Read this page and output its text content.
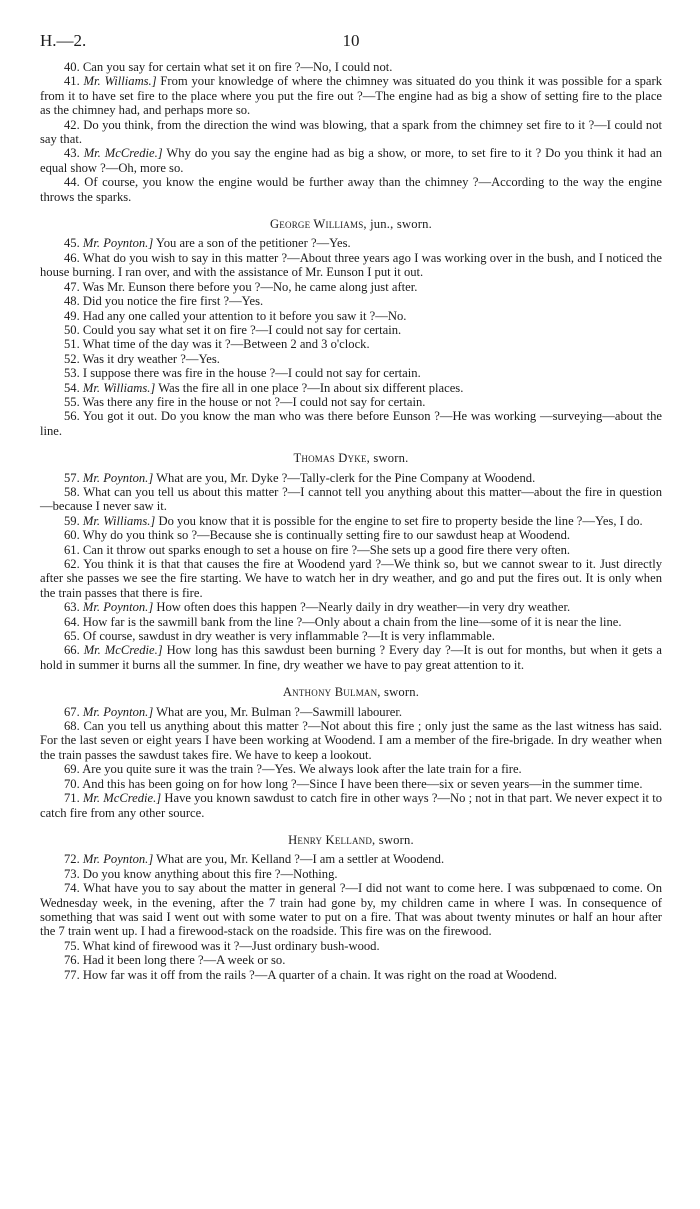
H.—2.	10

40. Can you say for certain what set it on fire ?—No, I could not.

41. Mr. Williams.] From your knowledge of where the chimney was situated do you think it was possible for a spark from it to have set fire to the place where you put the fire out ?—The engine had as big a show of setting fire to the place as the chimney had, and perhaps more so.

42. Do you think, from the direction the wind was blowing, that a spark from the chimney set fire to it ?—I could not say that.

43. Mr. McCredie.] Why do you say the engine had as big a show, or more, to set fire to it ? Do you think it had an equal show ?—Oh, more so.

44. Of course, you know the engine would be further away than the chimney ?—According to the way the engine throws the sparks.

George Williams, jun., sworn.

45. Mr. Poynton.] You are a son of the petitioner ?—Yes.

46. What do you wish to say in this matter ?—About three years ago I was working over in the bush, and I noticed the house burning. I ran over, and with the assistance of Mr. Eunson I put it out.

47. Was Mr. Eunson there before you ?—No, he came along just after.

48. Did you notice the fire first ?—Yes.

49. Had any one called your attention to it before you saw it ?—No.

50. Could you say what set it on fire ?—I could not say for certain.

51. What time of the day was it ?—Between 2 and 3 o'clock.

52. Was it dry weather ?—Yes.

53. I suppose there was fire in the house ?—I could not say for certain.

54. Mr. Williams.] Was the fire all in one place ?—In about six different places.

55. Was there any fire in the house or not ?—I could not say for certain.

56. You got it out. Do you know the man who was there before Eunson ?—He was working —surveying—about the line.

Thomas Dyke, sworn.

57. Mr. Poynton.] What are you, Mr. Dyke ?—Tally-clerk for the Pine Company at Woodend.

58. What can you tell us about this matter ?—I cannot tell you anything about this matter—about the fire in question—because I never saw it.

59. Mr. Williams.] Do you know that it is possible for the engine to set fire to property beside the line ?—Yes, I do.

60. Why do you think so ?—Because she is continually setting fire to our sawdust heap at Woodend.

61. Can it throw out sparks enough to set a house on fire ?—She sets up a good fire there very often.

62. You think it is that that causes the fire at Woodend yard ?—We think so, but we cannot swear to it. Just directly after she passes we see the fire starting. We have to watch her in dry weather, and go and put the fires out. It is only when the train passes that there is fire.

63. Mr. Poynton.] How often does this happen ?—Nearly daily in dry weather—in very dry weather.

64. How far is the sawmill bank from the line ?—Only about a chain from the line—some of it is near the line.

65. Of course, sawdust in dry weather is very inflammable ?—It is very inflammable.

66. Mr. McCredie.] How long has this sawdust been burning ? Every day ?—It is out for months, but when it gets a hold in summer it burns all the summer. In fine, dry weather we have to pay great attention to it.

Anthony Bulman, sworn.

67. Mr. Poynton.] What are you, Mr. Bulman ?—Sawmill labourer.

68. Can you tell us anything about this matter ?—Not about this fire ; only just the same as the last witness has said. For the last seven or eight years I have been working at Woodend. I am a member of the fire-brigade. In dry weather when the train passes the sawdust takes fire. We have to keep a lookout.

69. Are you quite sure it was the train ?—Yes. We always look after the late train for a fire.

70. And this has been going on for how long ?—Since I have been there—six or seven years—in the summer time.

71. Mr. McCredie.] Have you known sawdust to catch fire in other ways ?—No ; not in that part. We never expect it to catch fire from any other source.

Henry Kelland, sworn.

72. Mr. Poynton.] What are you, Mr. Kelland ?—I am a settler at Woodend.

73. Do you know anything about this fire ?—Nothing.

74. What have you to say about the matter in general ?—I did not want to come here. I was subpœnaed to come. On Wednesday week, in the evening, after the 7 train had gone by, my children came in where I was. In consequence of something that was said I went out with some water to put on a fire. That was about twenty minutes or half an hour after the 7 train went up. I had a firewood-stack on the roadside. This fire was on the firewood.

75. What kind of firewood was it ?—Just ordinary bush-wood.

76. Had it been long there ?—A week or so.

77. How far was it off from the rails ?—A quarter of a chain. It was right on the road at Woodend.
